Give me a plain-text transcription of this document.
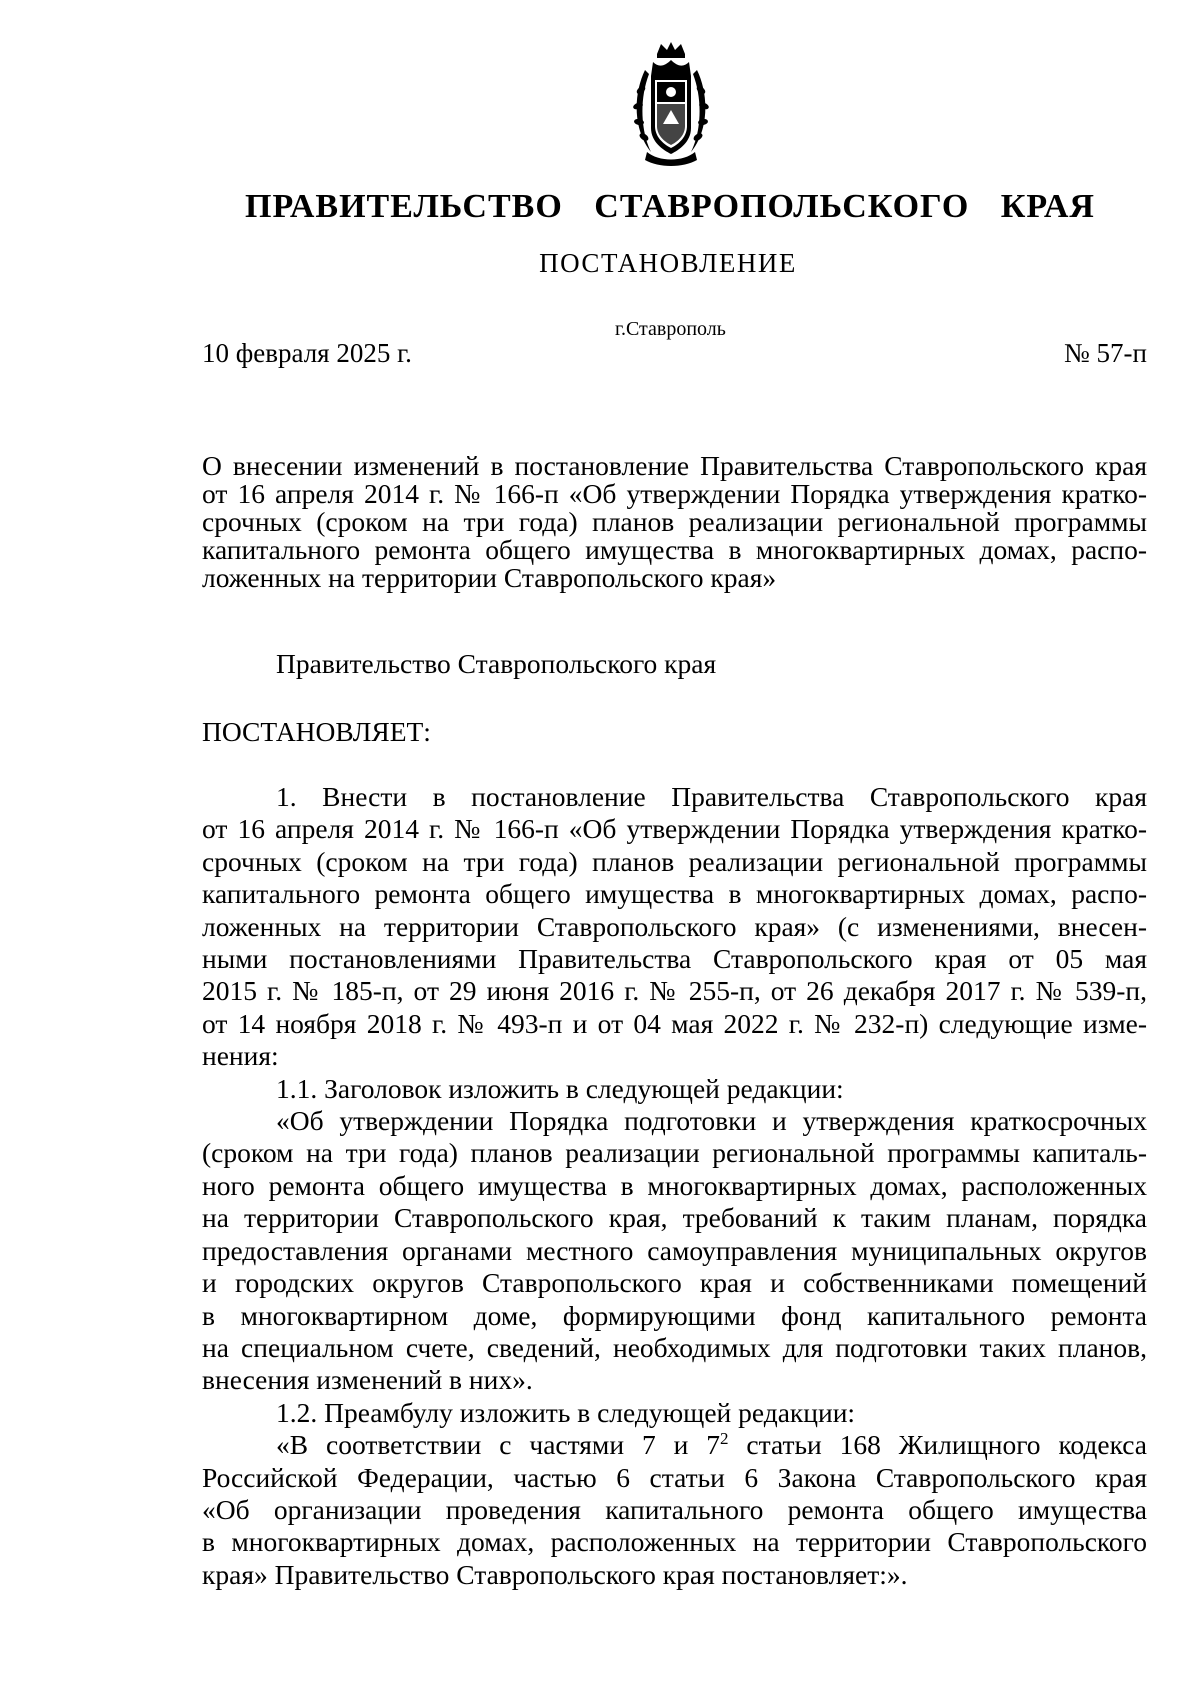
ПРАВИТЕЛЬСТВО СТАВРОПОЛЬСКОГО КРАЯ
ПОСТАНОВЛЕНИЕ
г.Ставрополь
10 февраля 2025 г.	№ 57-п
О внесении изменений в постановление Правительства Ставропольского края
от 16 апреля 2014 г. № 166-п «Об утверждении Порядка утверждения кратко-
срочных (сроком на три года) планов реализации региональной программы
капитального ремонта общего имущества в многоквартирных домах, распо-
ложенных на территории Ставропольского края»
Правительство Ставропольского края
ПОСТАНОВЛЯЕТ:
1. Внести в постановление Правительства Ставропольского края
от 16 апреля 2014 г. № 166-п «Об утверждении Порядка утверждения кратко-
срочных (сроком на три года) планов реализации региональной программы
капитального ремонта общего имущества в многоквартирных домах, распо-
ложенных на территории Ставропольского края» (с изменениями, внесен-
ными постановлениями Правительства Ставропольского края от 05 мая
2015 г. № 185-п, от 29 июня 2016 г. № 255-п, от 26 декабря 2017 г. № 539-п,
от 14 ноября 2018 г. № 493-п и от 04 мая 2022 г. № 232-п) следующие изме-
нения:
1.1. Заголовок изложить в следующей редакции:
«Об утверждении Порядка подготовки и утверждения краткосрочных
(сроком на три года) планов реализации региональной программы капиталь-
ного ремонта общего имущества в многоквартирных домах, расположенных
на территории Ставропольского края, требований к таким планам, порядка
предоставления органами местного самоуправления муниципальных округов
и городских округов Ставропольского края и собственниками помещений
в многоквартирном доме, формирующими фонд капитального ремонта
на специальном счете, сведений, необходимых для подготовки таких планов,
внесения изменений в них».
1.2. Преамбулу изложить в следующей редакции:
«В соответствии с частями 7 и $7^2$ статьи 168 Жилищного кодекса
Российской Федерации, частью 6 статьи 6 Закона Ставропольского края
«Об организации проведения капитального ремонта общего имущества
в многоквартирных домах, расположенных на территории Ставропольского
края» Правительство Ставропольского края постановляет:».
